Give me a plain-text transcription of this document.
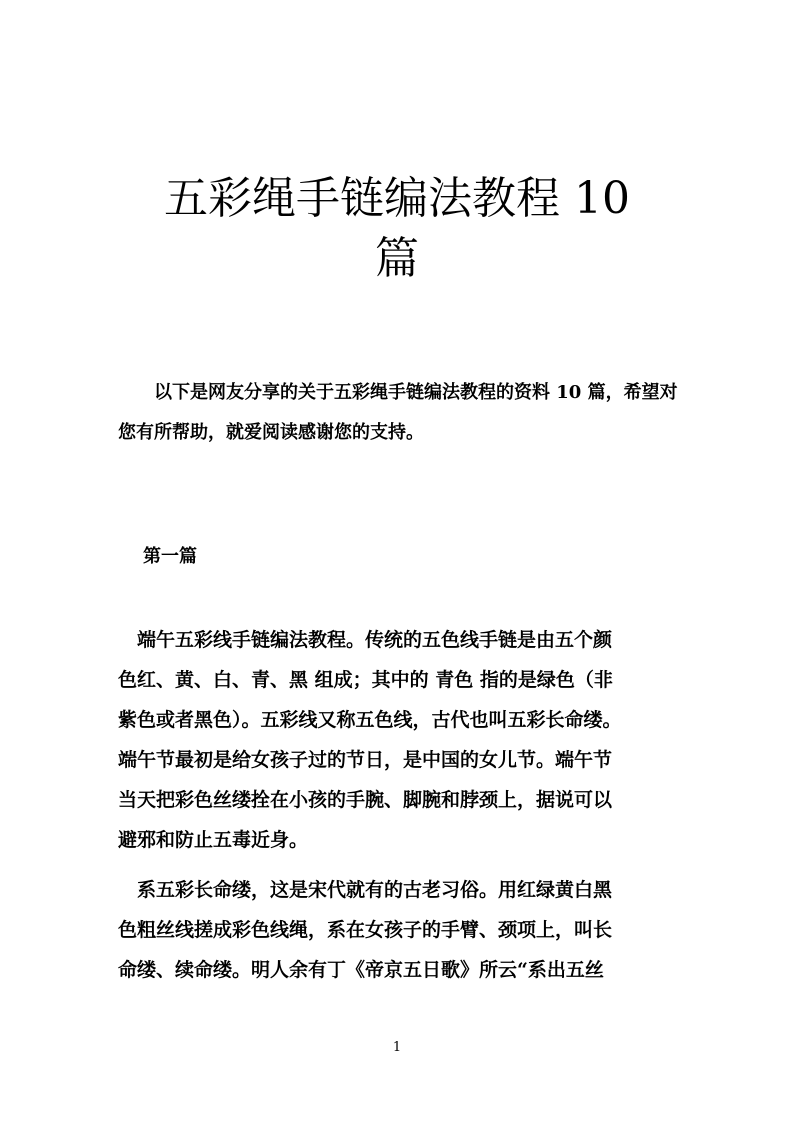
五彩绳手链编法教程 10
篇

以下是网友分享的关于五彩绳手链编法教程的资料 10 篇，希望对您有所帮助，就爱阅读感谢您的支持。

第一篇

　端午五彩线手链编法教程。传统的五色线手链是由五个颜
色红、黄、白、青、黑 组成；其中的 青色 指的是绿色（非
紫色或者黑色）。五彩线又称五色线，古代也叫五彩长命缕。
端午节最初是给女孩子过的节日，是中国的女儿节。端午节
当天把彩色丝缕拴在小孩的手腕、脚腕和脖颈上，据说可以
避邪和防止五毒近身。

　系五彩长命缕，这是宋代就有的古老习俗。用红绿黄白黑
色粗丝线搓成彩色线绳，系在女孩子的手臂、颈项上，叫长
命缕、续命缕。明人余有丁《帝京五日歌》所云“系出五丝

1
